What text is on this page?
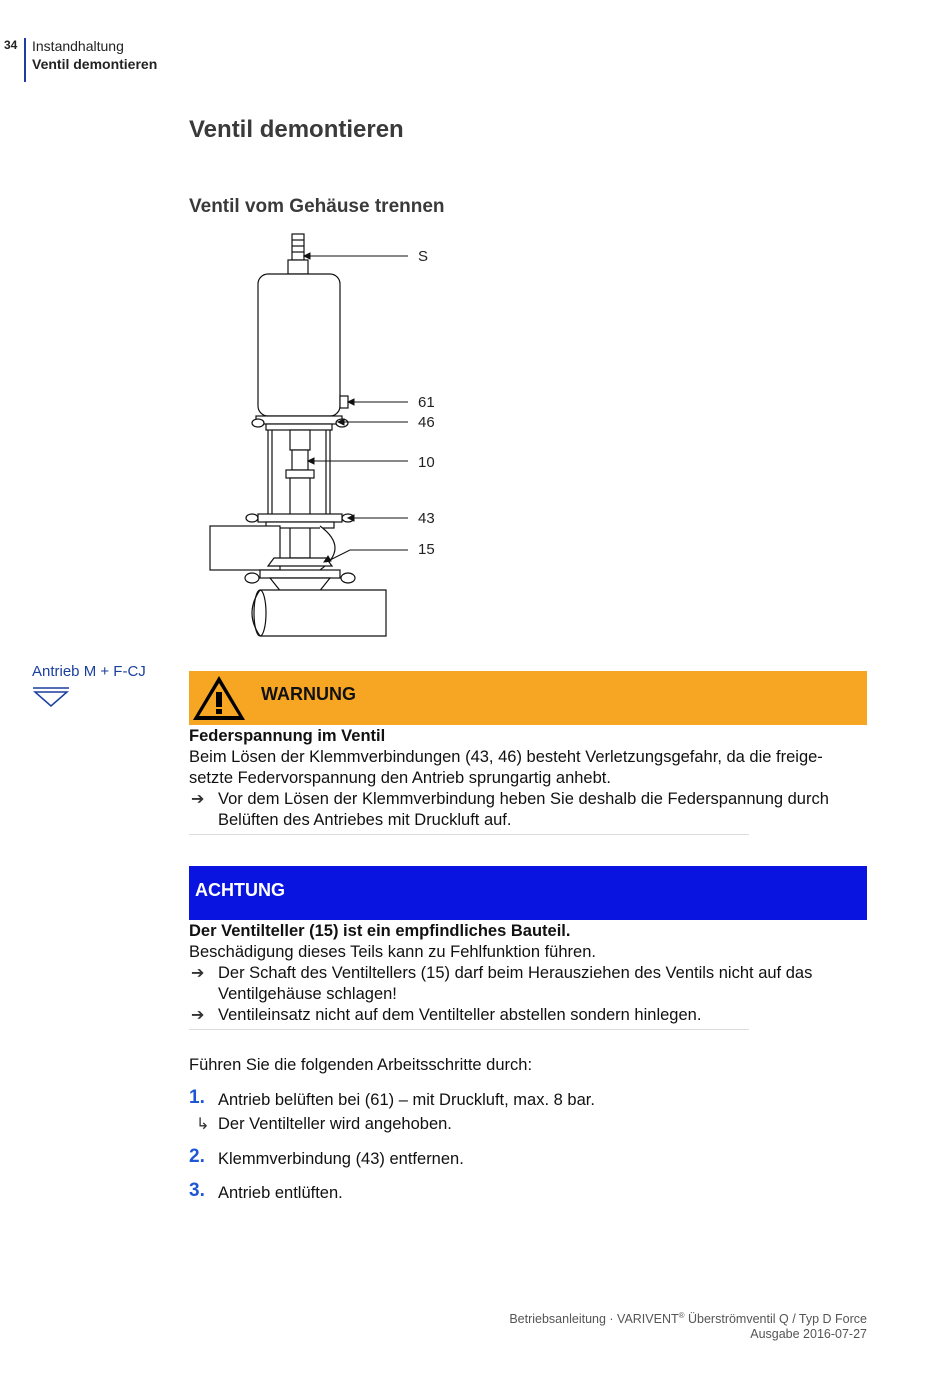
34 Instandhaltung
Ventil demontieren
Ventil demontieren
Ventil vom Gehäuse trennen
S
61
46
10
43
15
Antrieb M + F-CJ
WARNUNG
Federspannung im Ventil
Beim Lösen der Klemmverbindungen (43, 46) besteht Verletzungsgefahr, da die freige-
setzte Federvorspannung den Antrieb sprungartig anhebt.
➔ Vor dem Lösen der Klemmverbindung heben Sie deshalb die Federspannung durch
Belüften des Antriebes mit Druckluft auf.
ACHTUNG
Der Ventilteller (15) ist ein empfindliches Bauteil.
Beschädigung dieses Teils kann zu Fehlfunktion führen.
➔ Der Schaft des Ventiltellers (15) darf beim Herausziehen des Ventils nicht auf das
Ventilgehäuse schlagen!
➔ Ventileinsatz nicht auf dem Ventilteller abstellen sondern hinlegen.
Führen Sie die folgenden Arbeitsschritte durch:
1. Antrieb belüften bei (61) – mit Druckluft, max. 8 bar.
↳ Der Ventilteller wird angehoben.
2. Klemmverbindung (43) entfernen.
3. Antrieb entlüften.
Betriebsanleitung · VARIVENT® Überströmventil Q / Typ D Force
Ausgabe 2016-07-27
